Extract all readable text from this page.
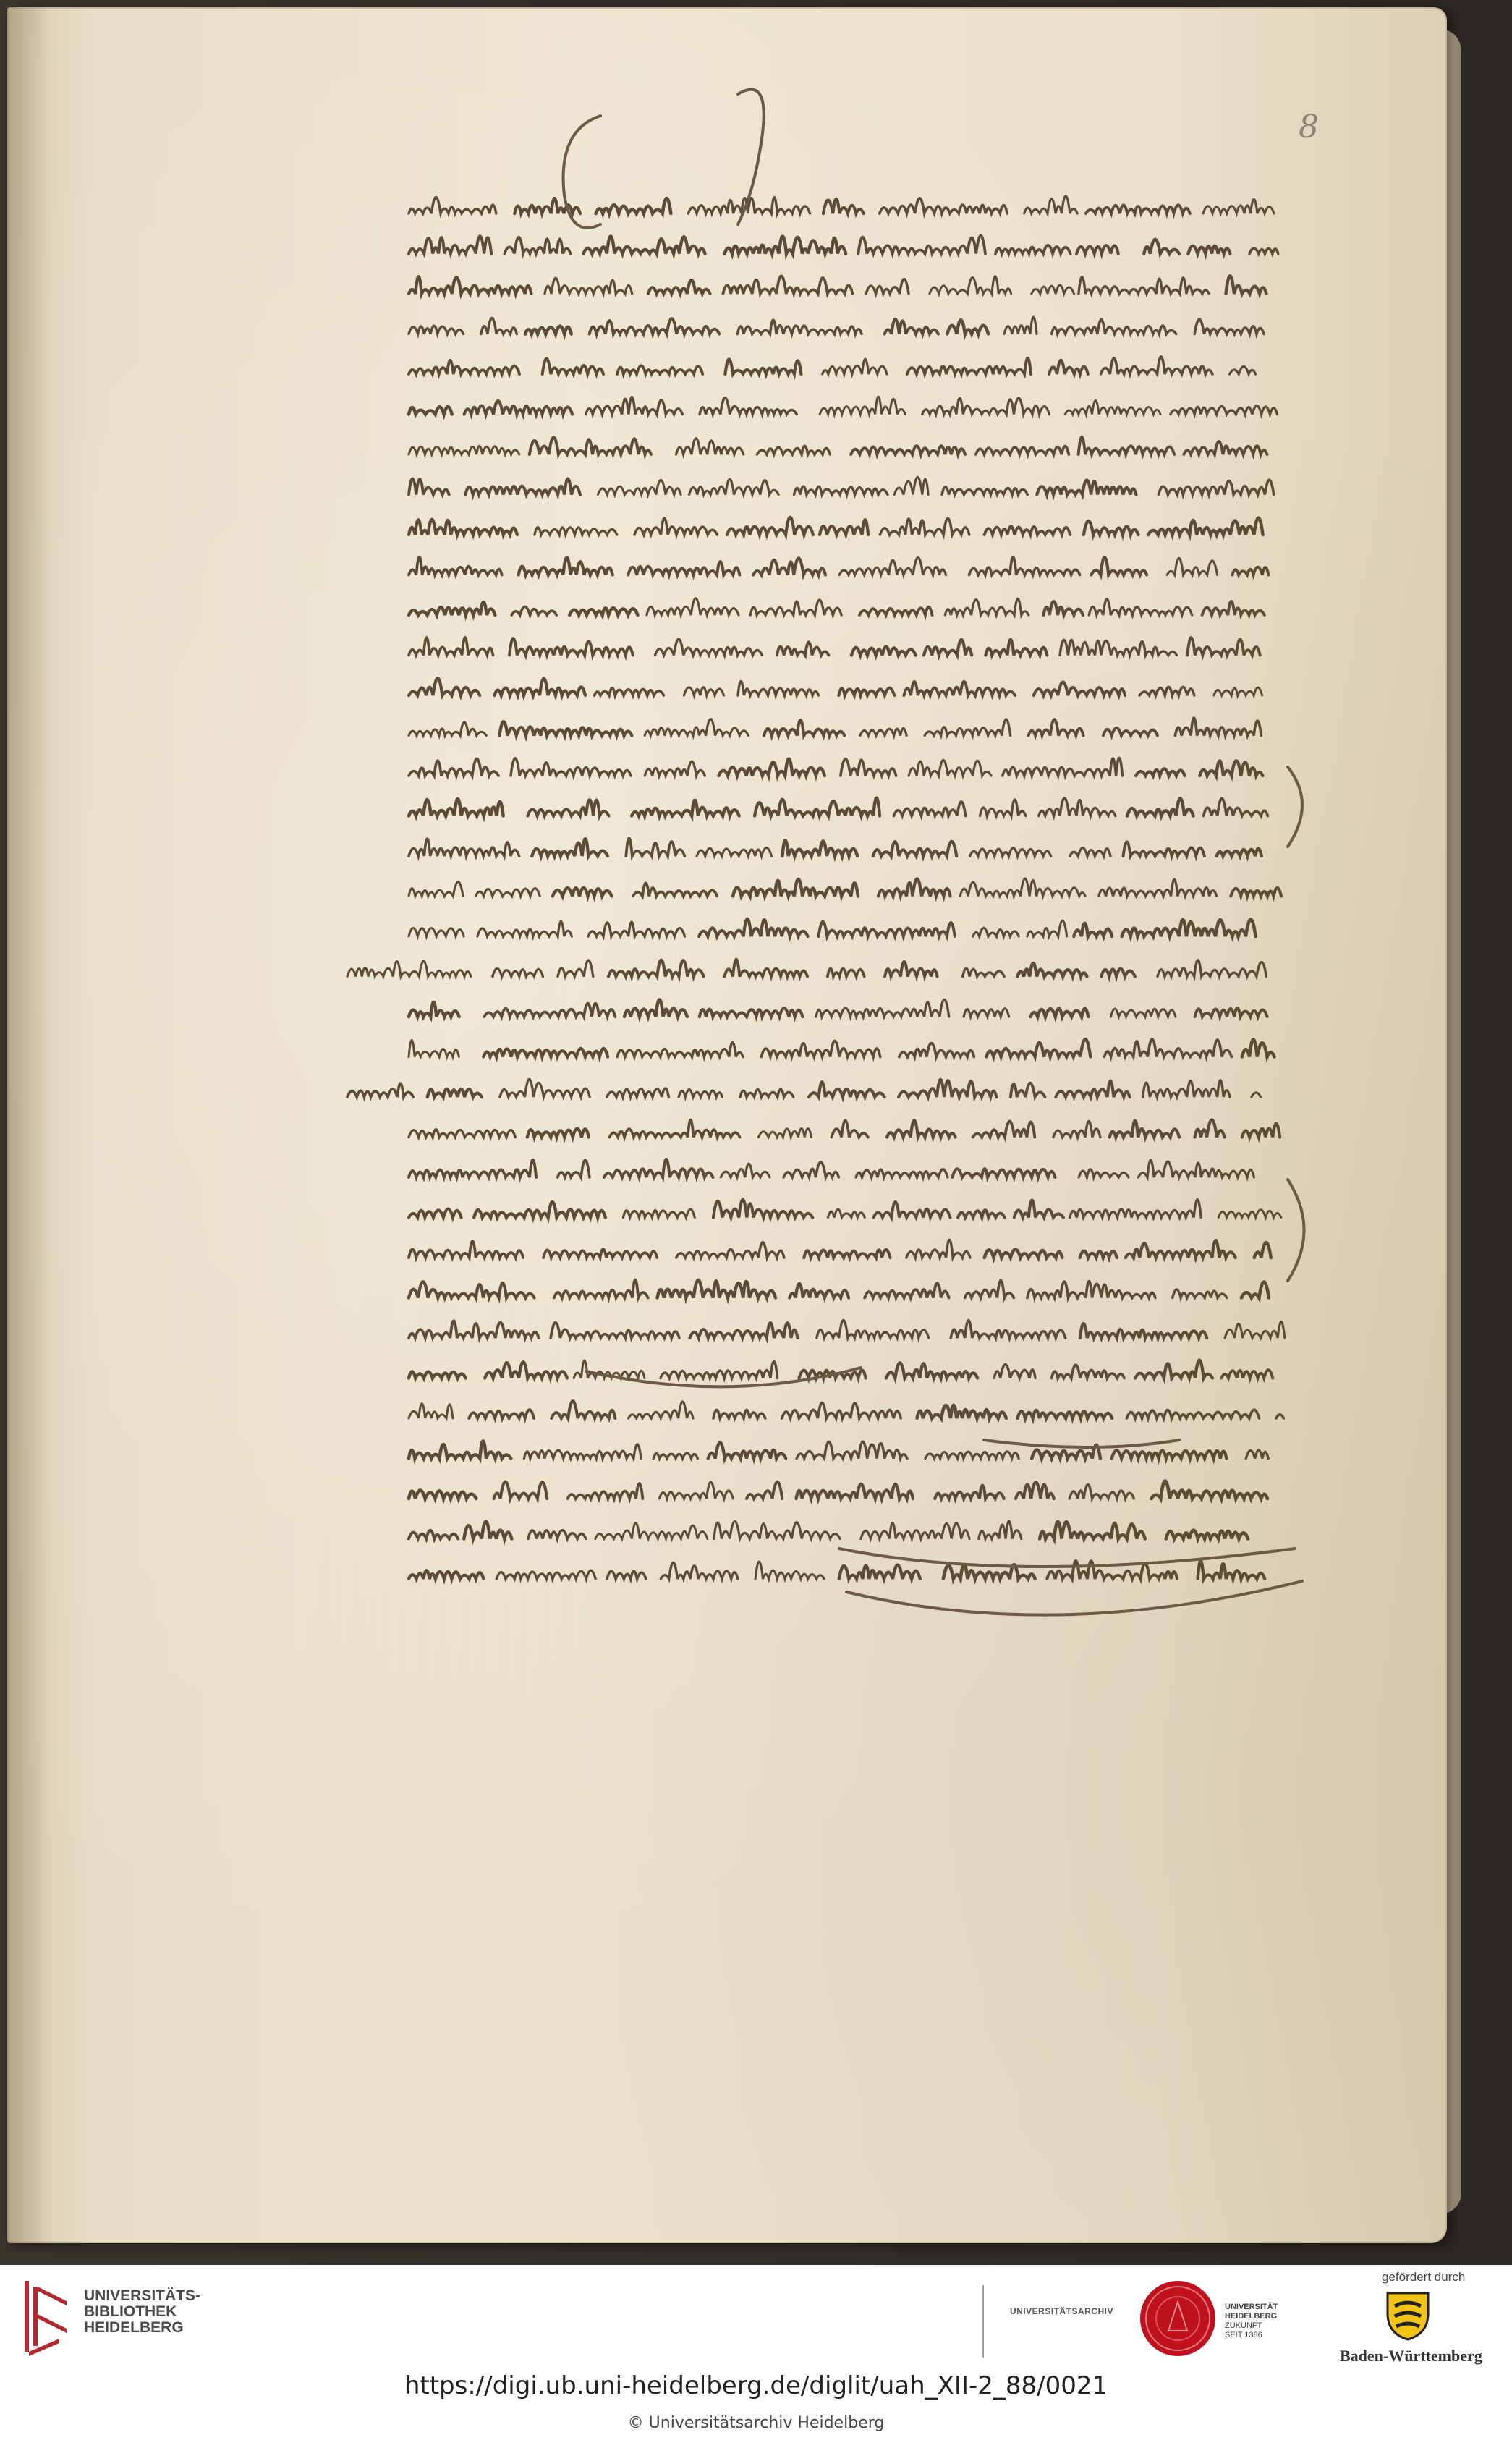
8
UNIVERSITÄTS-
BIBLIOTHEK
HEIDELBERG
UNIVERSITÄTSARCHIV	UNIVERSITÄT
HEIDELBERG
ZUKUNFT
SEIT 1386
gefördert durch
Baden-Württemberg
https://digi.ub.uni-heidelberg.de/diglit/uah_XII-2_88/0021
© Universitätsarchiv Heidelberg
